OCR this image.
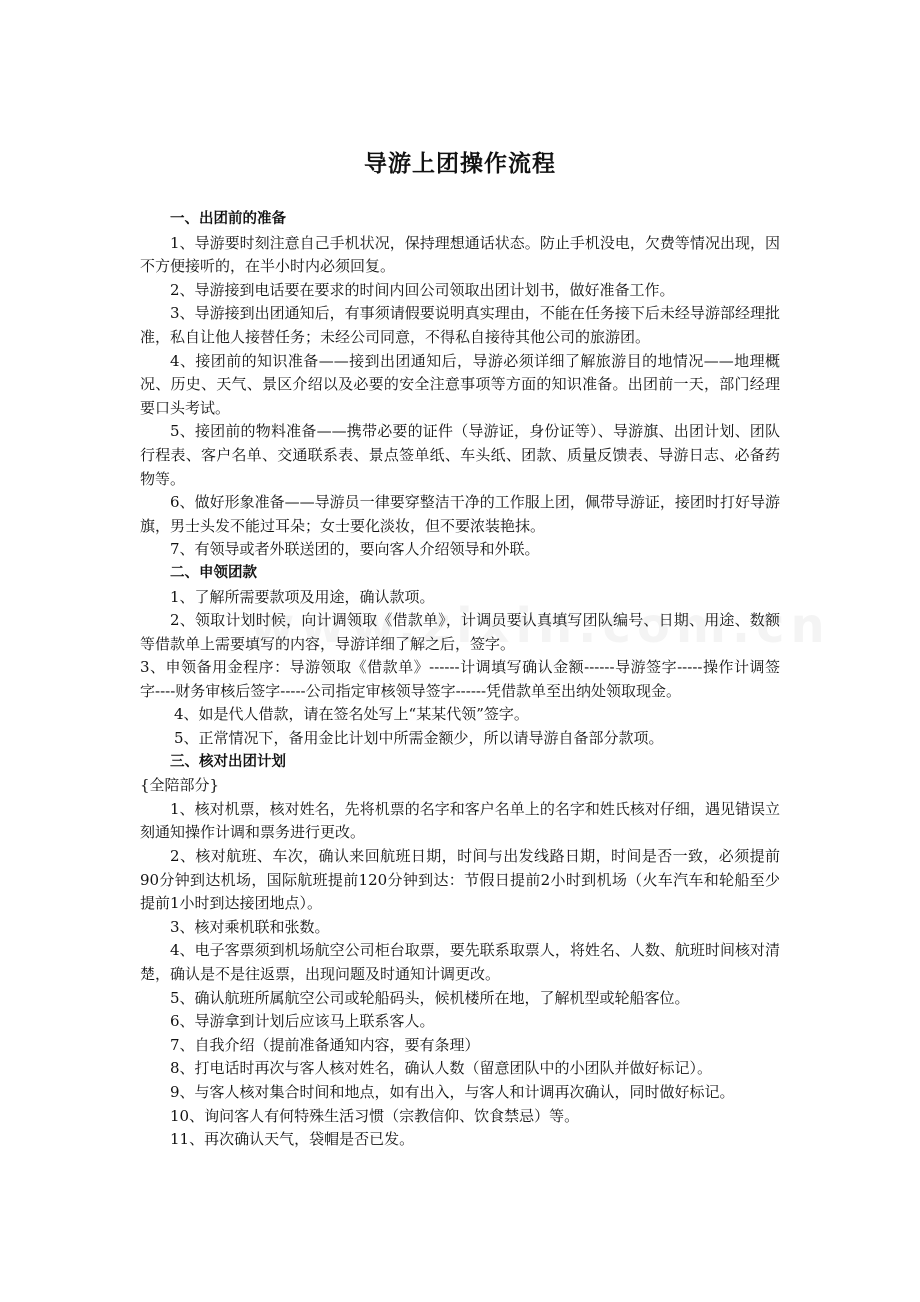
导游上团操作流程

一、出团前的准备

1、导游要时刻注意自己手机状况，保持理想通话状态。防止手机没电，欠费等情况出现，因不方便接听的，在半小时内必须回复。

2、导游接到电话要在要求的时间内回公司领取出团计划书，做好准备工作。

3、导游接到出团通知后，有事须请假要说明真实理由，不能在任务接下后未经导游部经理批准，私自让他人接替任务；未经公司同意，不得私自接待其他公司的旅游团。

4、接团前的知识准备——接到出团通知后，导游必须详细了解旅游目的地情况——地理概况、历史、天气、景区介绍以及必要的安全注意事项等方面的知识准备。出团前一天，部门经理要口头考试。

5、接团前的物料准备——携带必要的证件（导游证，身份证等）、导游旗、出团计划、团队行程表、客户名单、交通联系表、景点签单纸、车头纸、团款、质量反馈表、导游日志、必备药物等。

6、做好形象准备——导游员一律要穿整洁干净的工作服上团，佩带导游证，接团时打好导游旗，男士头发不能过耳朵；女士要化淡妆，但不要浓装艳抹。

7、有领导或者外联送团的，要向客人介绍领导和外联。

二、申领团款

1、了解所需要款项及用途，确认款项。

2、领取计划时候，向计调领取《借款单》，计调员要认真填写团队编号、日期、用途、数额等借款单上需要填写的内容，导游详细了解之后，签字。

3、申领备用金程序：导游领取《借款单》------计调填写确认金额------导游签字-----操作计调签字----财务审核后签字-----公司指定审核领导签字------凭借款单至出纳处领取现金。

4、如是代人借款，请在签名处写上“某某代领”签字。

5、正常情况下，备用金比计划中所需金额少，所以请导游自备部分款项。

三、核对出团计划

{全陪部分}

1、核对机票，核对姓名，先将机票的名字和客户名单上的名字和姓氏核对仔细，遇见错误立刻通知操作计调和票务进行更改。

2、核对航班、车次，确认来回航班日期，时间与出发线路日期，时间是否一致，必须提前90分钟到达机场，国际航班提前120分钟到达：节假日提前2小时到机场（火车汽车和轮船至少提前1小时到达接团地点）。

3、核对乘机联和张数。

4、电子客票须到机场航空公司柜台取票，要先联系取票人，将姓名、人数、航班时间核对清楚，确认是不是往返票，出现问题及时通知计调更改。

5、确认航班所属航空公司或轮船码头，候机楼所在地，了解机型或轮船客位。

6、导游拿到计划后应该马上联系客人。

7、自我介绍（提前准备通知内容，要有条理）

8、打电话时再次与客人核对姓名，确认人数（留意团队中的小团队并做好标记）。

9、与客人核对集合时间和地点，如有出入，与客人和计调再次确认，同时做好标记。

10、询问客人有何特殊生活习惯（宗教信仰、饮食禁忌）等。

11、再次确认天气，袋帽是否已发。
